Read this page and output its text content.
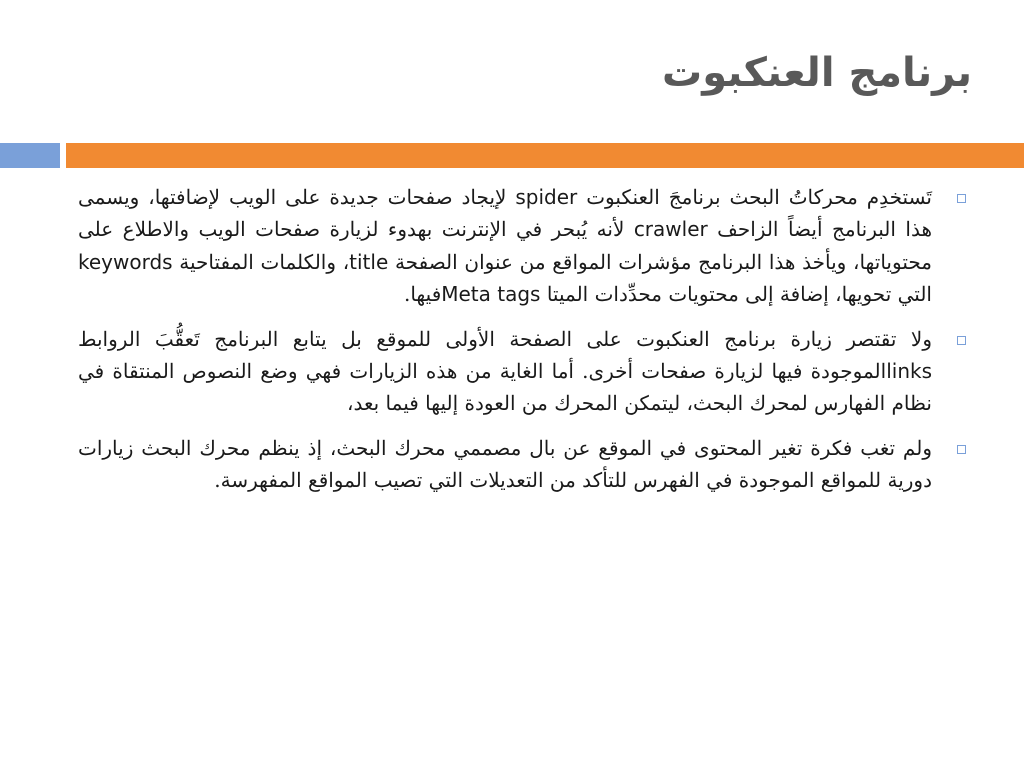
برنامج العنكبوت
تَستخدِم محركاتُ البحث برنامجَ العنكبوت spider لإيجاد صفحات جديدة على الويب لإضافتها، ويسمى هذا البرنامج أيضاً الزاحف crawler لأنه يُبحر في الإنترنت بهدوء لزيارة صفحات الويب والاطلاع على محتوياتها، ويأخذ هذا البرنامج مؤشرات المواقع من عنوان الصفحة title، والكلمات المفتاحية keywords التي تحويها، إضافة إلى محتويات محدِّدات الميتا Meta tagsفيها.
ولا تقتصر زيارة برنامج العنكبوت على الصفحة الأولى للموقع بل يتابع البرنامج تَعقُّبَ الروابط linksالموجودة فيها لزيارة صفحات أخرى. أما الغاية من هذه الزيارات فهي وضع النصوص المنتقاة في نظام الفهارس لمحرك البحث، ليتمكن المحرك من العودة إليها فيما بعد،
ولم تغب فكرة تغير المحتوى في الموقع عن بال مصممي محرك البحث، إذ ينظم محرك البحث زيارات دورية للمواقع الموجودة في الفهرس للتأكد من التعديلات التي تصيب المواقع المفهرسة.
